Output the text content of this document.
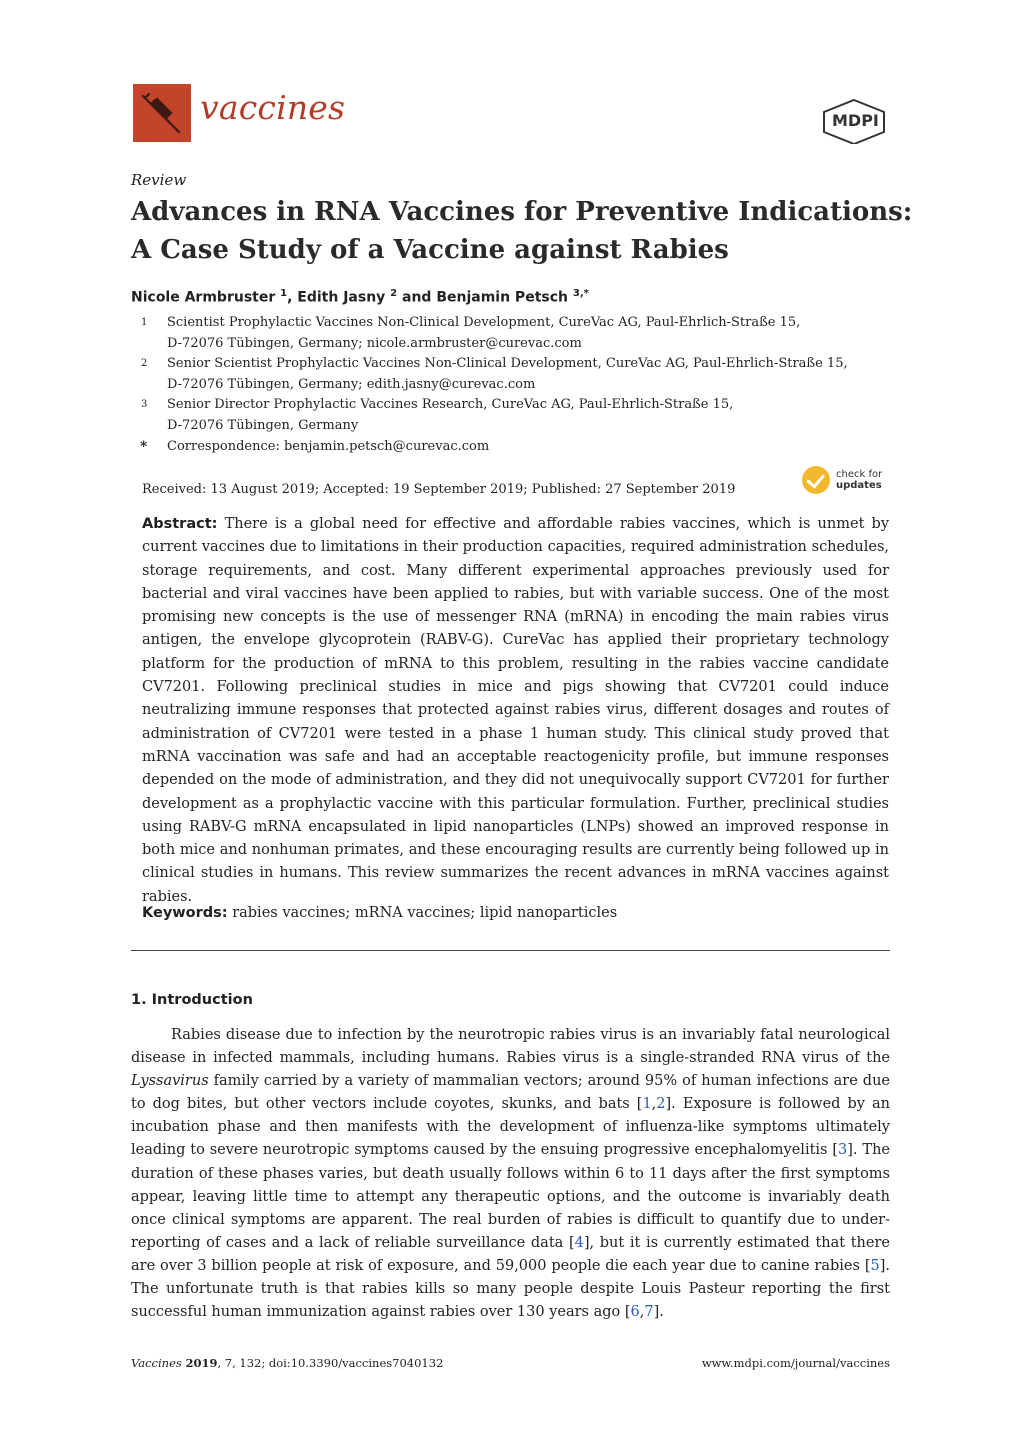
vaccines	MDPI
Review
Advances in RNA Vaccines for Preventive Indications:
A Case Study of a Vaccine against Rabies
Nicole Armbruster $^1$, Edith Jasny $^2$ and Benjamin Petsch $^{3,*}$
1	Scientist Prophylactic Vaccines Non-Clinical Development, CureVac AG, Paul-Ehrlich-Straße 15,
D-72076 Tübingen, Germany; nicole.armbruster@curevac.com
2	Senior Scientist Prophylactic Vaccines Non-Clinical Development, CureVac AG, Paul-Ehrlich-Straße 15,
D-72076 Tübingen, Germany; edith.jasny@curevac.com
3	Senior Director Prophylactic Vaccines Research, CureVac AG, Paul-Ehrlich-Straße 15,
D-72076 Tübingen, Germany
*	Correspondence: benjamin.petsch@curevac.com
Received: 13 August 2019; Accepted: 19 September 2019; Published: 27 September 2019
check for
updates
Abstract: There is a global need for effective and affordable rabies vaccines, which is unmet by current vaccines due to limitations in their production capacities, required administration schedules, storage requirements, and cost. Many different experimental approaches previously used for bacterial and viral vaccines have been applied to rabies, but with variable success. One of the most promising new concepts is the use of messenger RNA (mRNA) in encoding the main rabies virus antigen, the envelope glycoprotein (RABV-G). CureVac has applied their proprietary technology platform for the production of mRNA to this problem, resulting in the rabies vaccine candidate CV7201. Following preclinical studies in mice and pigs showing that CV7201 could induce neutralizing immune responses that protected against rabies virus, different dosages and routes of administration of CV7201 were tested in a phase 1 human study. This clinical study proved that mRNA vaccination was safe and had an acceptable reactogenicity profile, but immune responses depended on the mode of administration, and they did not unequivocally support CV7201 for further development as a prophylactic vaccine with this particular formulation. Further, preclinical studies using RABV-G mRNA encapsulated in lipid nanoparticles (LNPs) showed an improved response in both mice and nonhuman primates, and these encouraging results are currently being followed up in clinical studies in humans. This review summarizes the recent advances in mRNA vaccines against rabies.
Keywords: rabies vaccines; mRNA vaccines; lipid nanoparticles
1. Introduction
Rabies disease due to infection by the neurotropic rabies virus is an invariably fatal neurological disease in infected mammals, including humans. Rabies virus is a single-stranded RNA virus of the Lyssavirus family carried by a variety of mammalian vectors; around 95% of human infections are due to dog bites, but other vectors include coyotes, skunks, and bats [1,2]. Exposure is followed by an incubation phase and then manifests with the development of influenza-like symptoms ultimately leading to severe neurotropic symptoms caused by the ensuing progressive encephalomyelitis [3]. The duration of these phases varies, but death usually follows within 6 to 11 days after the first symptoms appear, leaving little time to attempt any therapeutic options, and the outcome is invariably death once clinical symptoms are apparent. The real burden of rabies is difficult to quantify due to under-reporting of cases and a lack of reliable surveillance data [4], but it is currently estimated that there are over 3 billion people at risk of exposure, and 59,000 people die each year due to canine rabies [5]. The unfortunate truth is that rabies kills so many people despite Louis Pasteur reporting the first successful human immunization against rabies over 130 years ago [6,7].
Vaccines 2019, 7, 132; doi:10.3390/vaccines7040132	www.mdpi.com/journal/vaccines
